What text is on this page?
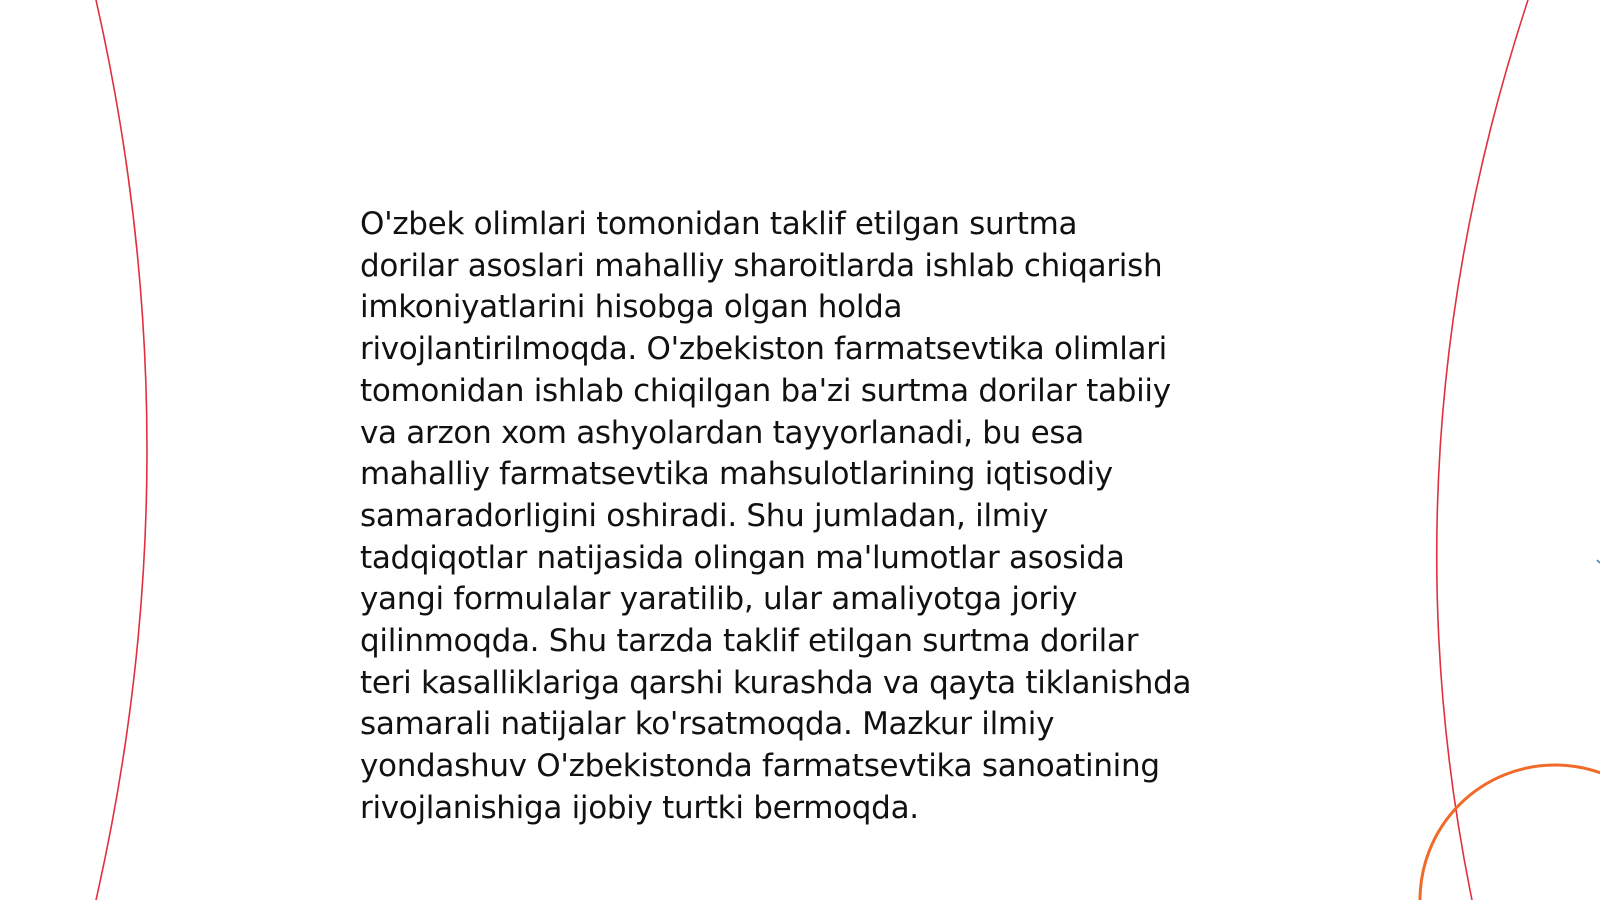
O'zbek olimlari tomonidan taklif etilgan surtma
dorilar asoslari mahalliy sharoitlarda ishlab chiqarish
imkoniyatlarini hisobga olgan holda
rivojlantirilmoqda. O'zbekiston farmatsevtika olimlari
tomonidan ishlab chiqilgan ba'zi surtma dorilar tabiiy
va arzon xom ashyolardan tayyorlanadi, bu esa
mahalliy farmatsevtika mahsulotlarining iqtisodiy
samaradorligini oshiradi. Shu jumladan, ilmiy
tadqiqotlar natijasida olingan ma'lumotlar asosida
yangi formulalar yaratilib, ular amaliyotga joriy
qilinmoqda. Shu tarzda taklif etilgan surtma dorilar
teri kasalliklariga qarshi kurashda va qayta tiklanishda
samarali natijalar ko'rsatmoqda. Mazkur ilmiy
yondashuv O'zbekistonda farmatsevtika sanoatining
rivojlanishiga ijobiy turtki bermoqda.
